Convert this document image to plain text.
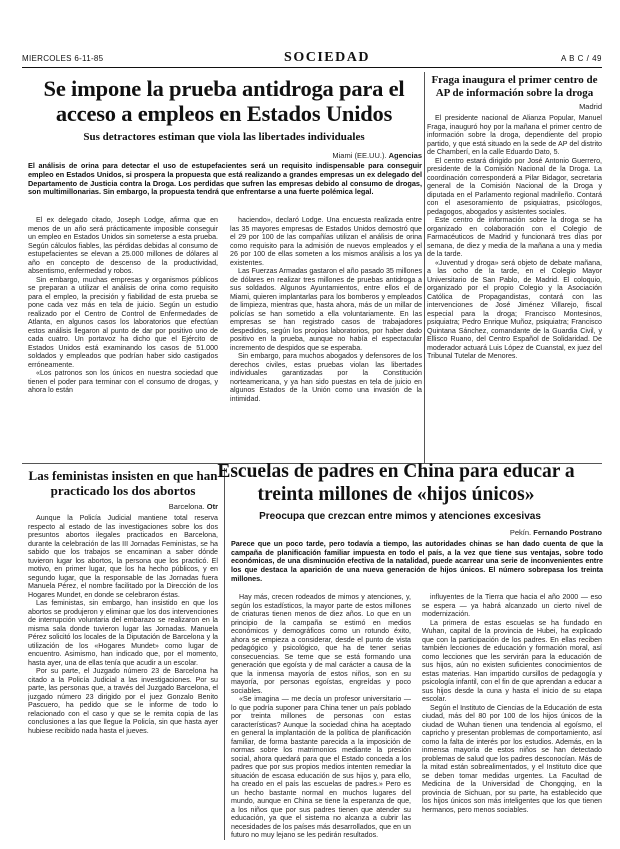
MIERCOLES 6-11-85	SOCIEDAD	A B C / 49
Se impone la prueba antidroga para el acceso a empleos en Estados Unidos
Sus detractores estiman que viola las libertades individuales
Miami (EE.UU.). Agencias
El análisis de orina para detectar el uso de estupefacientes será un requisito indispensable para conseguir empleo en Estados Unidos, si prospera la propuesta que está realizando a grandes empresas un ex delegado del Departamento de Justicia contra la Droga. Los perdidas que sufren las empresas debido al consumo de drogas, son multimillonarias. Sin embargo, la propuesta tendrá que enfrentarse a una fuerte polémica legal.

El ex delegado citado, Joseph Lodge, afirma que en menos de un año será prácticamente imposible conseguir un empleo en Estados Unidos sin someterse a esta prueba. Según cálculos fiables, las pérdidas debidas al consumo de estupefacientes se elevan a 25.000 millones de dólares al año en concepto de descenso de la productividad, absentismo, enfermedad y robos.

Sin embargo, muchas empresas y organismos públicos se preparan a utilizar el análisis de orina como requisito para el empleo, la precisión y fiabilidad de esta prueba se pone cada vez más en tela de juicio. Según un estudio realizado por el Centro de Control de Enfermedades de Atlanta, en algunos casos los laboratorios que efectúan estos análisis llegaron al punto de dar por positivo uno de cada cuatro. Un portavoz ha dicho que el Ejército de Estados Unidos está examinando los casos de 51.000 soldados y empleados que podrían haber sido castigados erróneamente.

«Los patronos son los únicos en nuestra sociedad que tienen el poder para terminar con el consumo de drogas, y ahora lo están

haciendo», declaró Lodge. Una encuesta realizada entre las 35 mayores empresas de Estados Unidos demostró que el 29 por 100 de las compañías utilizan el análisis de orina como requisito para la admisión de nuevos empleados y el 26 por 100 de ellas someten a los mismos análisis a los ya existentes.

Las Fuerzas Armadas gastaron el año pasado 35 millones de dólares en realizar tres millones de pruebas antidroga a sus soldados. Algunos Ayuntamientos, entre ellos el de Miami, quieren implantarlas para los bomberos y empleados de limpieza, mientras que, hasta ahora, más de un millar de policías se han sometido a ella voluntariamente. En las empresas se han registrado casos de trabajadores despedidos, según los propios laboratorios, por haber dado positivo en la prueba, aunque no había el espectacular incremento de despidos que se esperaba.

Sin embargo, para muchos abogados y defensores de los derechos civiles, estas pruebas violan las libertades individuales garantizadas por la Constitución norteamericana, y ya han sido puestas en tela de juicio en algunos Estados de la Unión como una invasión de la intimidad.

Fraga inaugura el primer centro de AP de información sobre la droga
Madrid

El presidente nacional de Alianza Popular, Manuel Fraga, inauguró hoy por la mañana el primer centro de información sobre la droga, dependiente del propio partido, y que está situado en la sede de AP del distrito de Chamberí, en la calle Eduardo Dato, 5.

El centro estará dirigido por José Antonio Guerrero, presidente de la Comisión Nacional de la Droga. La coordinación corresponderá a Pilar Bidagor, secretaria general de la Comisión Nacional de la Droga y diputada en el Parlamento regional madrileño. Contará con el asesoramiento de psiquiatras, psicólogos, pedagogos, abogados y asistentes sociales.

Este centro de información sobre la droga se ha organizado en colaboración con el Colegio de Farmacéuticos de Madrid y funcionará tres días por semana, de diez y media de la mañana a una y media de la tarde.

«Juventud y droga» será objeto de debate mañana, a las ocho de la tarde, en el Colegio Mayor Universitario de San Pablo, de Madrid. El coloquio, organizado por el propio Colegio y la Asociación Católica de Propagandistas, contará con las intervenciones de José Jiménez Villarejo, fiscal especial para la droga; Francisco Montesinos, psiquiatra; Pedro Enrique Muñoz, psiquiatra; Francisco Quintana Sánchez, comandante de la Guardia Civil, y Ellisco Ruano, del Centro Español de Solidaridad. De moderador actuará Luis López de Cuanstal, ex juez del Tribunal Tutelar de Menores.

Las feministas insisten en que han practicado los dos abortos
Barcelona. Otr

Aunque la Policía Judicial mantiene total reserva respecto al estado de las investigaciones sobre los dos presuntos abortos ilegales practicados en Barcelona, durante la celebración de las III Jornadas Feministas, se ha sabido que los trabajos se encaminan a saber dónde tuvieron lugar los abortos, la persona que los practicó. El motivo, en primer lugar, que los ha hecho públicos, y en segundo lugar, que la responsable de las Jornadas fuera Manuela Pérez, el nombre facilitado por la Dirección de los Hogares Mundet, en donde se celebraron éstas.

Las feministas, sin embargo, han insistido en que los abortos se produjeron y eliminar que los dos intervenciones de interrupción voluntaria del embarazo se realizaron en la misma sala donde tuvieron lugar las Jornadas. Manuela Pérez solicitó los locales de la Diputación de Barcelona y la utilización de los «Hogares Mundet» como lugar de encuentro. Asimismo, han indicado que, por el momento, hasta ayer, una de ellas tenía que acudir a un escolar.

Por su parte, el Juzgado número 23 de Barcelona ha citado a la Policía Judicial a las investigaciones. Por su parte, las personas que, a través del Juzgado Barcelona, el juzgado número 23 dirigido por el juez Gonzalo Benito Pascuero, ha pedido que se le informe de todo lo relacionado con el caso y que se le remita copia de las conclusiones a las que llegue la Policía, sin que hasta ayer hubiese recibido nada hasta el jueves.

Escuelas de padres en China para educar a treinta millones de «hijos únicos»
Preocupa que crezcan entre mimos y atenciones excesivas
Pekín. Fernando Postrano
Parece que un poco tarde, pero todavía a tiempo, las autoridades chinas se han dado cuenta de que la campaña de planificación familiar impuesta en todo el país, a la vez que tiene sus ventajas, sobre todo económicas, de una disminución efectiva de la natalidad, puede acarrear una serie de inconvenientes entre los que destaca la aparición de una nueva generación de hijos únicos. El número sobrepasa los treinta millones.

Hay más, crecen rodeados de mimos y atenciones, y, según los estadísticos, la mayor parte de estos millones de criaturas tienen menos de diez años. Lo que en un principio de la campaña se estimó en medios económicos y demográficos como un rotundo éxito, ahora se empieza a considerar, desde el punto de vista pedagógico y psicológico, que ha de tener serias consecuencias. Se teme que se está formando una generación que egoísta y de mal carácter a causa de la que la inmensa mayoría de estos niños, son en su mayoría, por personas egoístas, engreídas y poco sociables.

«Se imagina — me decía un profesor universitario — lo que podría suponer para China tener un país poblado por treinta millones de personas con estas características? Aunque la sociedad china ha aceptado en general la implantación de la política de planificación familiar, de forma bastante parecida a la imposición de normas sobre los matrimonios mediante la presión social, ahora quedará para que el Estado conceda a los padres que por sus propios medios intenten remediar la situación de escasa educación de sus hijos y, para ello, ha creado en el país las escuelas de padres.» Pero es un hecho bastante normal en muchos lugares del mundo, aunque en China se tiene la esperanza de que, a los niños que por sus padres tienen que atender su educación, ya que el sistema no alcanza a cubrir las necesidades de los países más desarrollados, que en un futuro no muy lejano se les pedirán resultados.

influyentes de la Tierra que hacia el año 2000 — eso se espera — ya habrá alcanzado un cierto nivel de modernización.

La primera de estas escuelas se ha fundado en Wuhan, capital de la provincia de Hubei, ha explicado que con la participación de los padres. En ellas reciben también lecciones de educación y formación moral, así como lecciones que les servirán para la educación de sus hijos, aún no existen suficientes conocimientos de estas materias. Han impartido cursillos de pedagogía y psicología infantil, con el fin de que aprendan a educar a sus hijos desde la cuna y hasta el inicio de su etapa escolar.

Según el Instituto de Ciencias de la Educación de esta ciudad, más del 80 por 100 de los hijos únicos de la ciudad de Wuhan tienen una tendencia al egoísmo, el capricho y presentan problemas de comportamiento, así como la falta de interés por los estudios. Además, en la inmensa mayoría de estos niños se han detectado problemas de salud que los padres desconocían. Más de la mitad están sobrealimentados, y el Instituto dice que se deben tomar medidas urgentes. La Facultad de Medicina de la Universidad de Chongqing, en la provincia de Sichuan, por su parte, ha establecido que los hijos únicos son más inteligentes que los que tienen hermanos, pero menos sociables.
